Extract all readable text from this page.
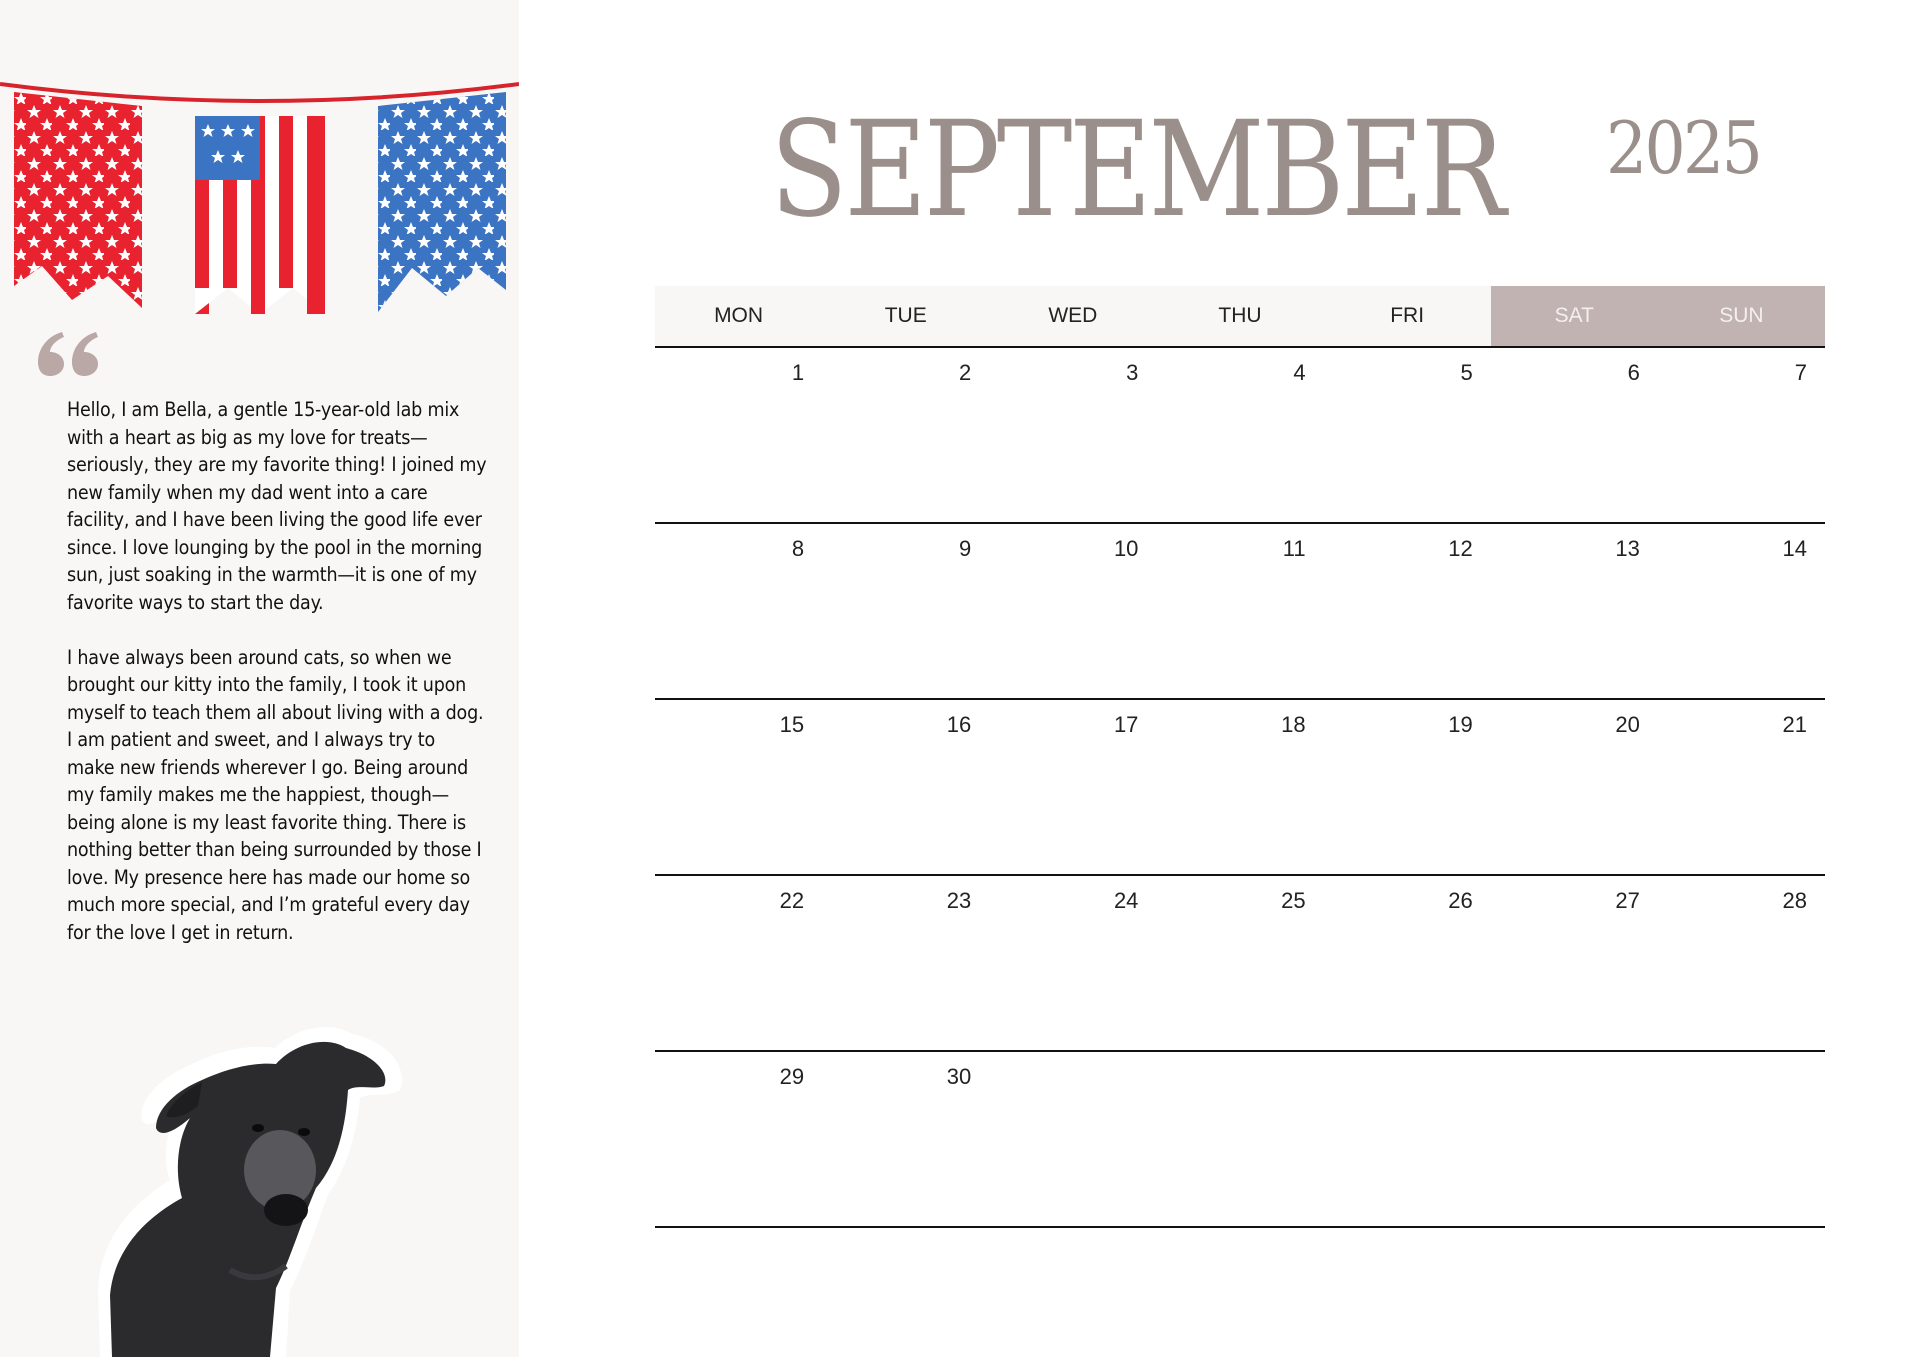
Hello, I am Bella, a gentle 15-year-old lab mix with a heart as big as my love for treats—seriously, they are my favorite thing! I joined my new family when my dad went into a care facility, and I have been living the good life ever since. I love lounging by the pool in the morning sun, just soaking in the warmth—it is one of my favorite ways to start the day.

I have always been around cats, so when we brought our kitty into the family, I took it upon myself to teach them all about living with a dog. I am patient and sweet, and I always try to make new friends wherever I go. Being around my family makes me the happiest, though—being alone is my least favorite thing. There is nothing better than being surrounded by those I love. My presence here has made our home so much more special, and I’m grateful every day for the love I get in return.

SEPTEMBER 2025
MON	TUE	WED	THU	FRI	SAT	SUN
1	2	3	4	5	6	7
8	9	10	11	12	13	14
15	16	17	18	19	20	21
22	23	24	25	26	27	28
29	30
